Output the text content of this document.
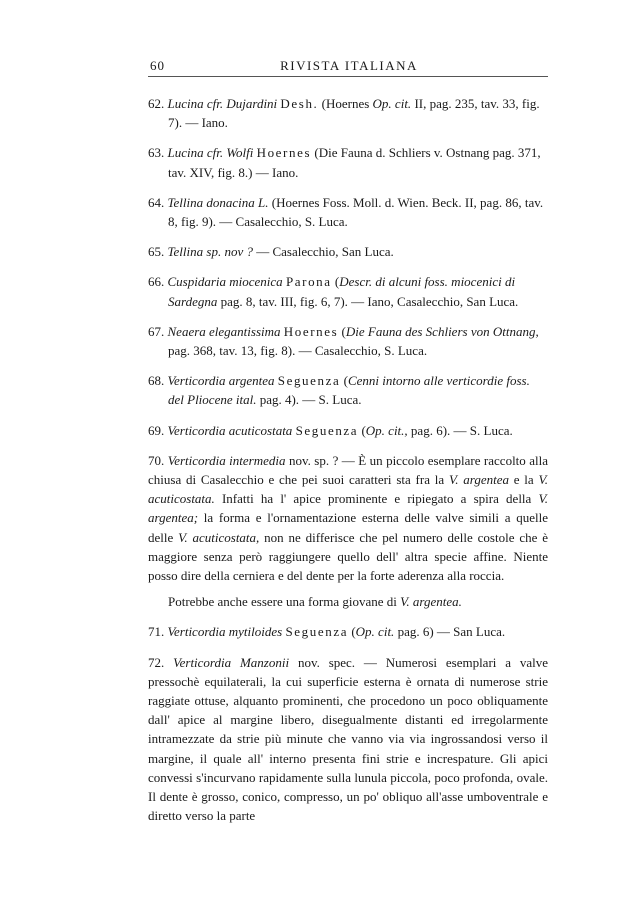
60	RIVISTA ITALIANA

62. Lucina cfr. Dujardini Desh. (Hoernes Op. cit. II, pag. 235, tav. 33, fig. 7). — Iano.

63. Lucina cfr. Wolfi Hoernes (Die Fauna d. Schliers v. Ostnang pag. 371, tav. XIV, fig. 8.) — Iano.

64. Tellina donacina L. (Hoernes Foss. Moll. d. Wien. Beck. II, pag. 86, tav. 8, fig. 9). — Casalecchio, S. Luca.

65. Tellina sp. nov ? — Casalecchio, San Luca.

66. Cuspidaria miocenica Parona (Descr. di alcuni foss. miocenici di Sardegna pag. 8, tav. III, fig. 6, 7). — Iano, Casalecchio, San Luca.

67. Neaera elegantissima Hoernes (Die Fauna des Schliers von Ottnang, pag. 368, tav. 13, fig. 8). — Casalecchio, S. Luca.

68. Verticordia argentea Seguenza (Cenni intorno alle verticordie foss. del Pliocene ital. pag. 4). — S. Luca.

69. Verticordia acuticostata Seguenza (Op. cit., pag. 6). — S. Luca.

70. Verticordia intermedia nov. sp. ? — È un piccolo esemplare raccolto alla chiusa di Casalecchio e che pei suoi caratteri sta fra la V. argentea e la V. acuticostata. Infatti ha l' apice prominente e ripiegato a spira della V. argentea; la forma e l'ornamentazione esterna delle valve simili a quelle delle V. acuticostata, non ne differisce che pel numero delle costole che è maggiore senza però raggiungere quello dell' altra specie affine. Niente posso dire della cerniera e del dente per la forte aderenza alla roccia.

Potrebbe anche essere una forma giovane di V. argentea.

71. Verticordia mytiloides Seguenza (Op. cit. pag. 6) — San Luca.

72. Verticordia Manzonii nov. spec. — Numerosi esemplari a valve pressochè equilaterali, la cui superficie esterna è ornata di numerose strie raggiate ottuse, alquanto prominenti, che procedono un poco obliquamente dall' apice al margine libero, disegualmente distanti ed irregolarmente intramezzate da strie più minute che vanno via via ingrossandosi verso il margine, il quale all' interno presenta fini strie e increspature. Gli apici convessi s'incurvano rapidamente sulla lunula piccola, poco profonda, ovale. Il dente è grosso, conico, compresso, un po' obliquo all'asse umboventrale e diretto verso la parte
